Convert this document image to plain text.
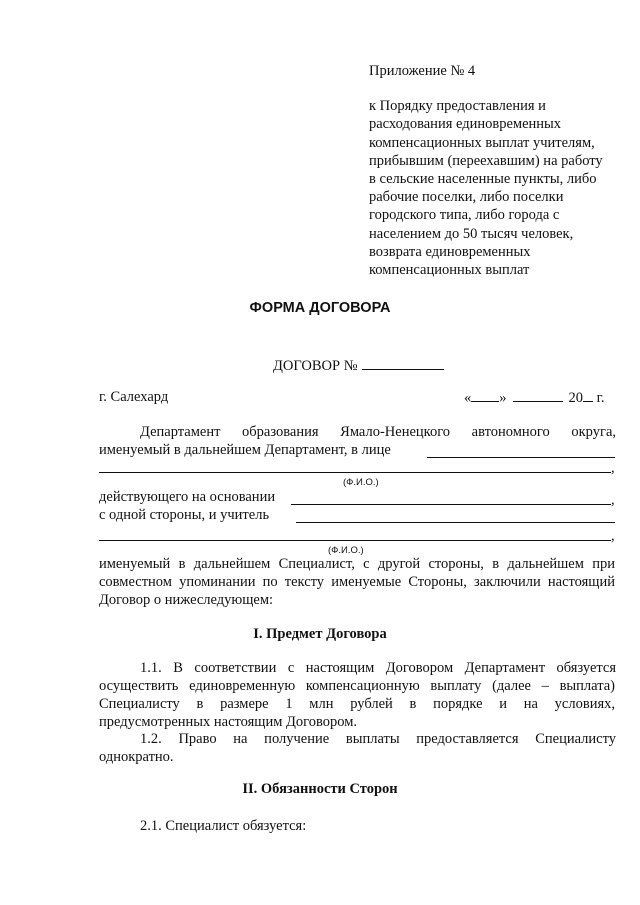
Приложение № 4
к Порядку предоставления и
расходования единовременных
компенсационных выплат учителям,
прибывшим (переехавшим) на работу
в сельские населенные пункты, либо
рабочие поселки, либо поселки
городского типа, либо города с
населением до 50 тысяч человек,
возврата единовременных
компенсационных выплат
ФОРМА ДОГОВОРА
ДОГОВОР №
г. Салехард	« »	20 г.
Департамент образования Ямало-Ненецкого автономного округа,
именуемый в дальнейшем Департамент, в лице
,
(Ф.И.О.)
действующего на основании	,
с одной стороны, и учитель
,
(Ф.И.О.)
именуемый в дальнейшем Специалист, с другой стороны, в дальнейшем при
совместном упоминании по тексту именуемые Стороны, заключили настоящий
Договор о нижеследующем:
I. Предмет Договора
1.1. В соответствии с настоящим Договором Департамент обязуется
осуществить единовременную компенсационную выплату (далее – выплата)
Специалисту в размере 1 млн рублей в порядке и на условиях,
предусмотренных настоящим Договором.
1.2. Право на получение выплаты предоставляется Специалисту
однократно.
II. Обязанности Сторон
2.1. Специалист обязуется:
